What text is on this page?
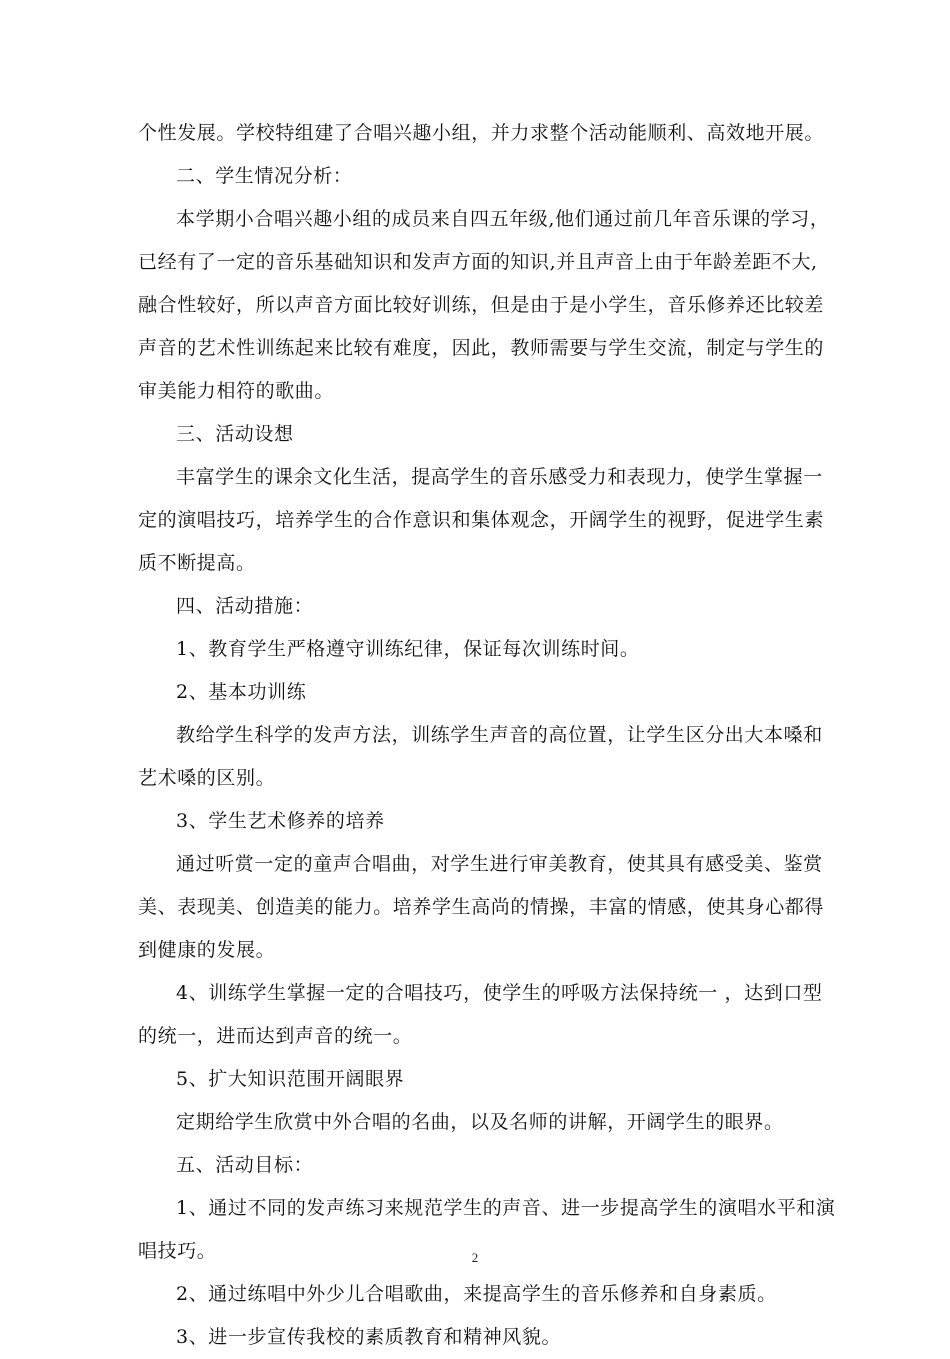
个性发展。学校特组建了合唱兴趣小组，并力求整个活动能顺利、高效地开展。
二、学生情况分析：
本学期小合唱兴趣小组的成员来自四五年级,他们通过前几年音乐课的学习，
已经有了一定的音乐基础知识和发声方面的知识,并且声音上由于年龄差距不大,
融合性较好，所以声音方面比较好训练，但是由于是小学生，音乐修养还比较差
声音的艺术性训练起来比较有难度，因此，教师需要与学生交流，制定与学生的
审美能力相符的歌曲。
三、活动设想
丰富学生的课余文化生活，提高学生的音乐感受力和表现力，使学生掌握一
定的演唱技巧，培养学生的合作意识和集体观念，开阔学生的视野，促进学生素
质不断提高。
四、活动措施：
1、教育学生严格遵守训练纪律，保证每次训练时间。
2、基本功训练
教给学生科学的发声方法，训练学生声音的高位置，让学生区分出大本嗓和
艺术嗓的区别。
3、学生艺术修养的培养
通过听赏一定的童声合唱曲，对学生进行审美教育，使其具有感受美、鉴赏
美、表现美、创造美的能力。培养学生高尚的情操，丰富的情感，使其身心都得
到健康的发展。
4、训练学生掌握一定的合唱技巧，使学生的呼吸方法保持统一 ，达到口型
的统一，进而达到声音的统一。
5、扩大知识范围开阔眼界
定期给学生欣赏中外合唱的名曲，以及名师的讲解，开阔学生的眼界。
五、活动目标：
1、通过不同的发声练习来规范学生的声音、进一步提高学生的演唱水平和演
唱技巧。
2、通过练唱中外少儿合唱歌曲，来提高学生的音乐修养和自身素质。
3、进一步宣传我校的素质教育和精神风貌。
2
